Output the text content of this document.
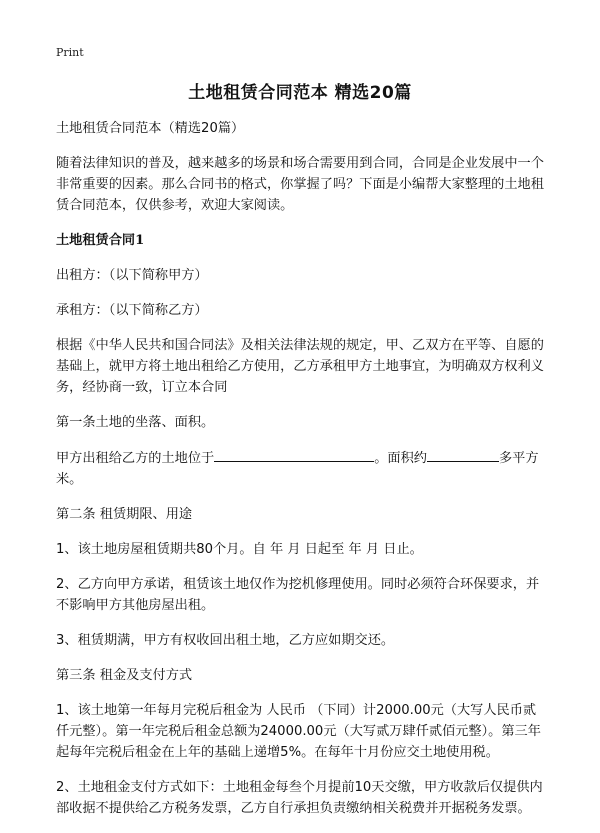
Print
土地租赁合同范本 精选20篇

土地租赁合同范本（精选20篇）

随着法律知识的普及，越来越多的场景和场合需要用到合同，合同是企业发展中一个非常重要的因素。那么合同书的格式，你掌握了吗？下面是小编帮大家整理的土地租赁合同范本，仅供参考，欢迎大家阅读。

土地租赁合同1

出租方：（以下简称甲方）

承租方：（以下简称乙方）

根据《中华人民共和国合同法》及相关法律法规的规定，甲、乙双方在平等、自愿的基础上，就甲方将土地出租给乙方使用，乙方承租甲方土地事宜，为明确双方权利义务，经协商一致，订立本合同

第一条土地的坐落、面积。

甲方出租给乙方的土地位于	。面积约	多平方米。

第二条 租赁期限、用途

1、该土地房屋租赁期共80个月。自 年 月 日起至 年 月 日止。

2、乙方向甲方承诺，租赁该土地仅作为挖机修理使用。同时必须符合环保要求，并不影响甲方其他房屋出租。

3、租赁期满，甲方有权收回出租土地，乙方应如期交还。

第三条 租金及支付方式

1、该土地第一年每月完税后租金为 人民币 （下同）计2000.00元（大写人民币贰仟元整）。第一年完税后租金总额为24000.00元（大写贰万肆仟贰佰元整）。第三年起每年完税后租金在上年的基础上递增5%。在每年十月份应交土地使用税。

2、土地租金支付方式如下：土地租金每叁个月提前10天交缴，甲方收款后仅提供内部收据不提供给乙方税务发票，乙方自行承担负责缴纳相关税费并开据税务发票。
